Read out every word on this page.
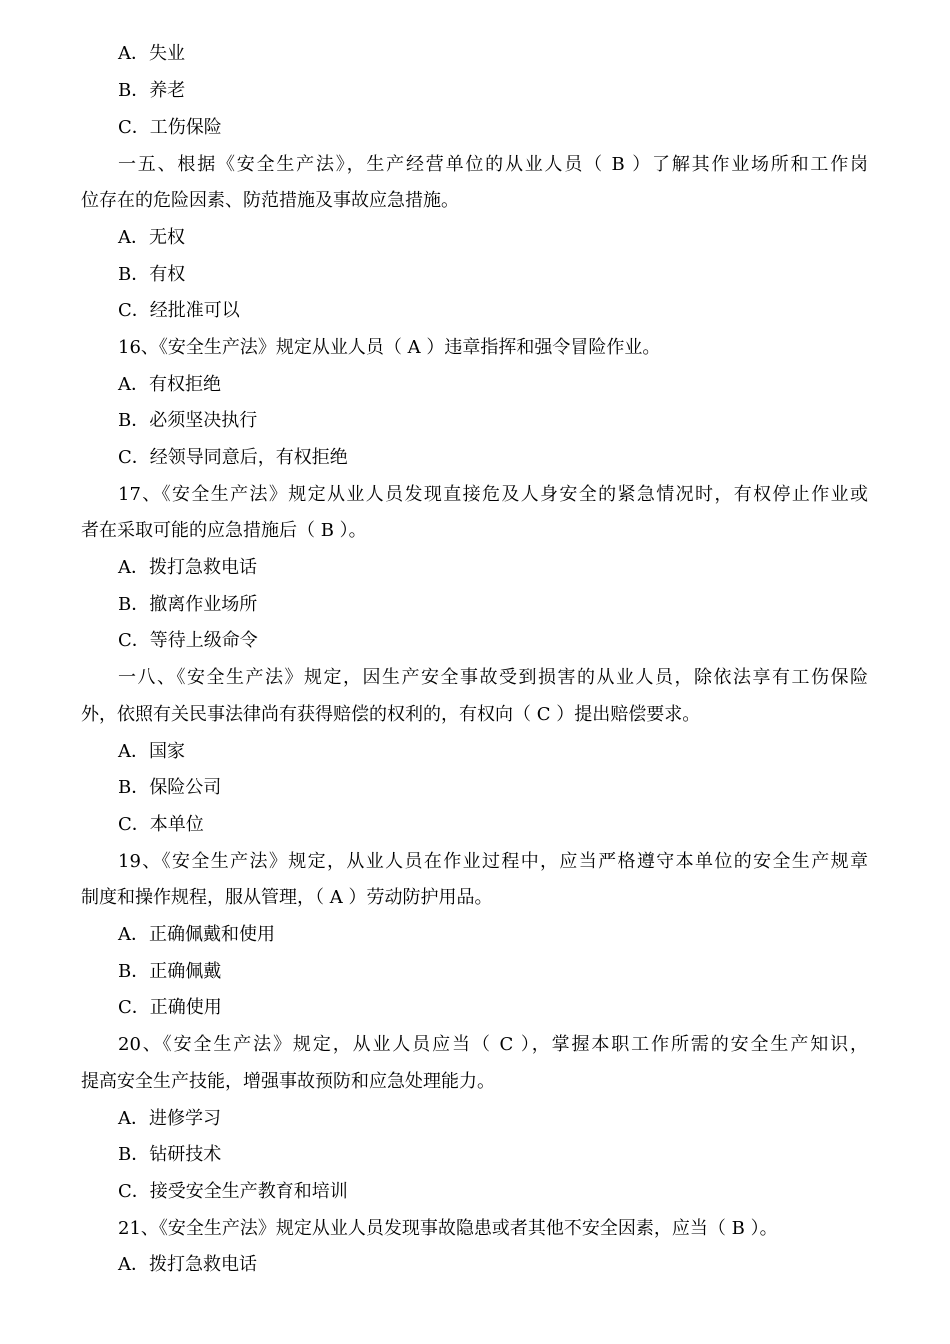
A．失业
B．养老
C．工伤保险
一五、根据《安全生产法》，生产经营单位的从业人员（ B ）了解其作业场所和工作岗
位存在的危险因素、防范措施及事故应急措施。
A．无权
B．有权
C．经批准可以
16、《安全生产法》规定从业人员（ A ）违章指挥和强令冒险作业。
A．有权拒绝
B．必须坚决执行
C．经领导同意后，有权拒绝
17、《安全生产法》规定从业人员发现直接危及人身安全的紧急情况时，有权停止作业或
者在采取可能的应急措施后（ B ）。
A．拨打急救电话
B．撤离作业场所
C．等待上级命令
一八、《安全生产法》规定，因生产安全事故受到损害的从业人员，除依法享有工伤保险
外，依照有关民事法律尚有获得赔偿的权利的，有权向（ C ）提出赔偿要求。
A．国家
B．保险公司
C．本单位
19、《安全生产法》规定，从业人员在作业过程中，应当严格遵守本单位的安全生产规章
制度和操作规程，服从管理，（ A ）劳动防护用品。
A．正确佩戴和使用
B．正确佩戴
C．正确使用
20、《安全生产法》规定，从业人员应当（ C ），掌握本职工作所需的安全生产知识，
提高安全生产技能，增强事故预防和应急处理能力。
A．进修学习
B．钻研技术
C．接受安全生产教育和培训
21、《安全生产法》规定从业人员发现事故隐患或者其他不安全因素，应当（ B ）。
A．拨打急救电话
